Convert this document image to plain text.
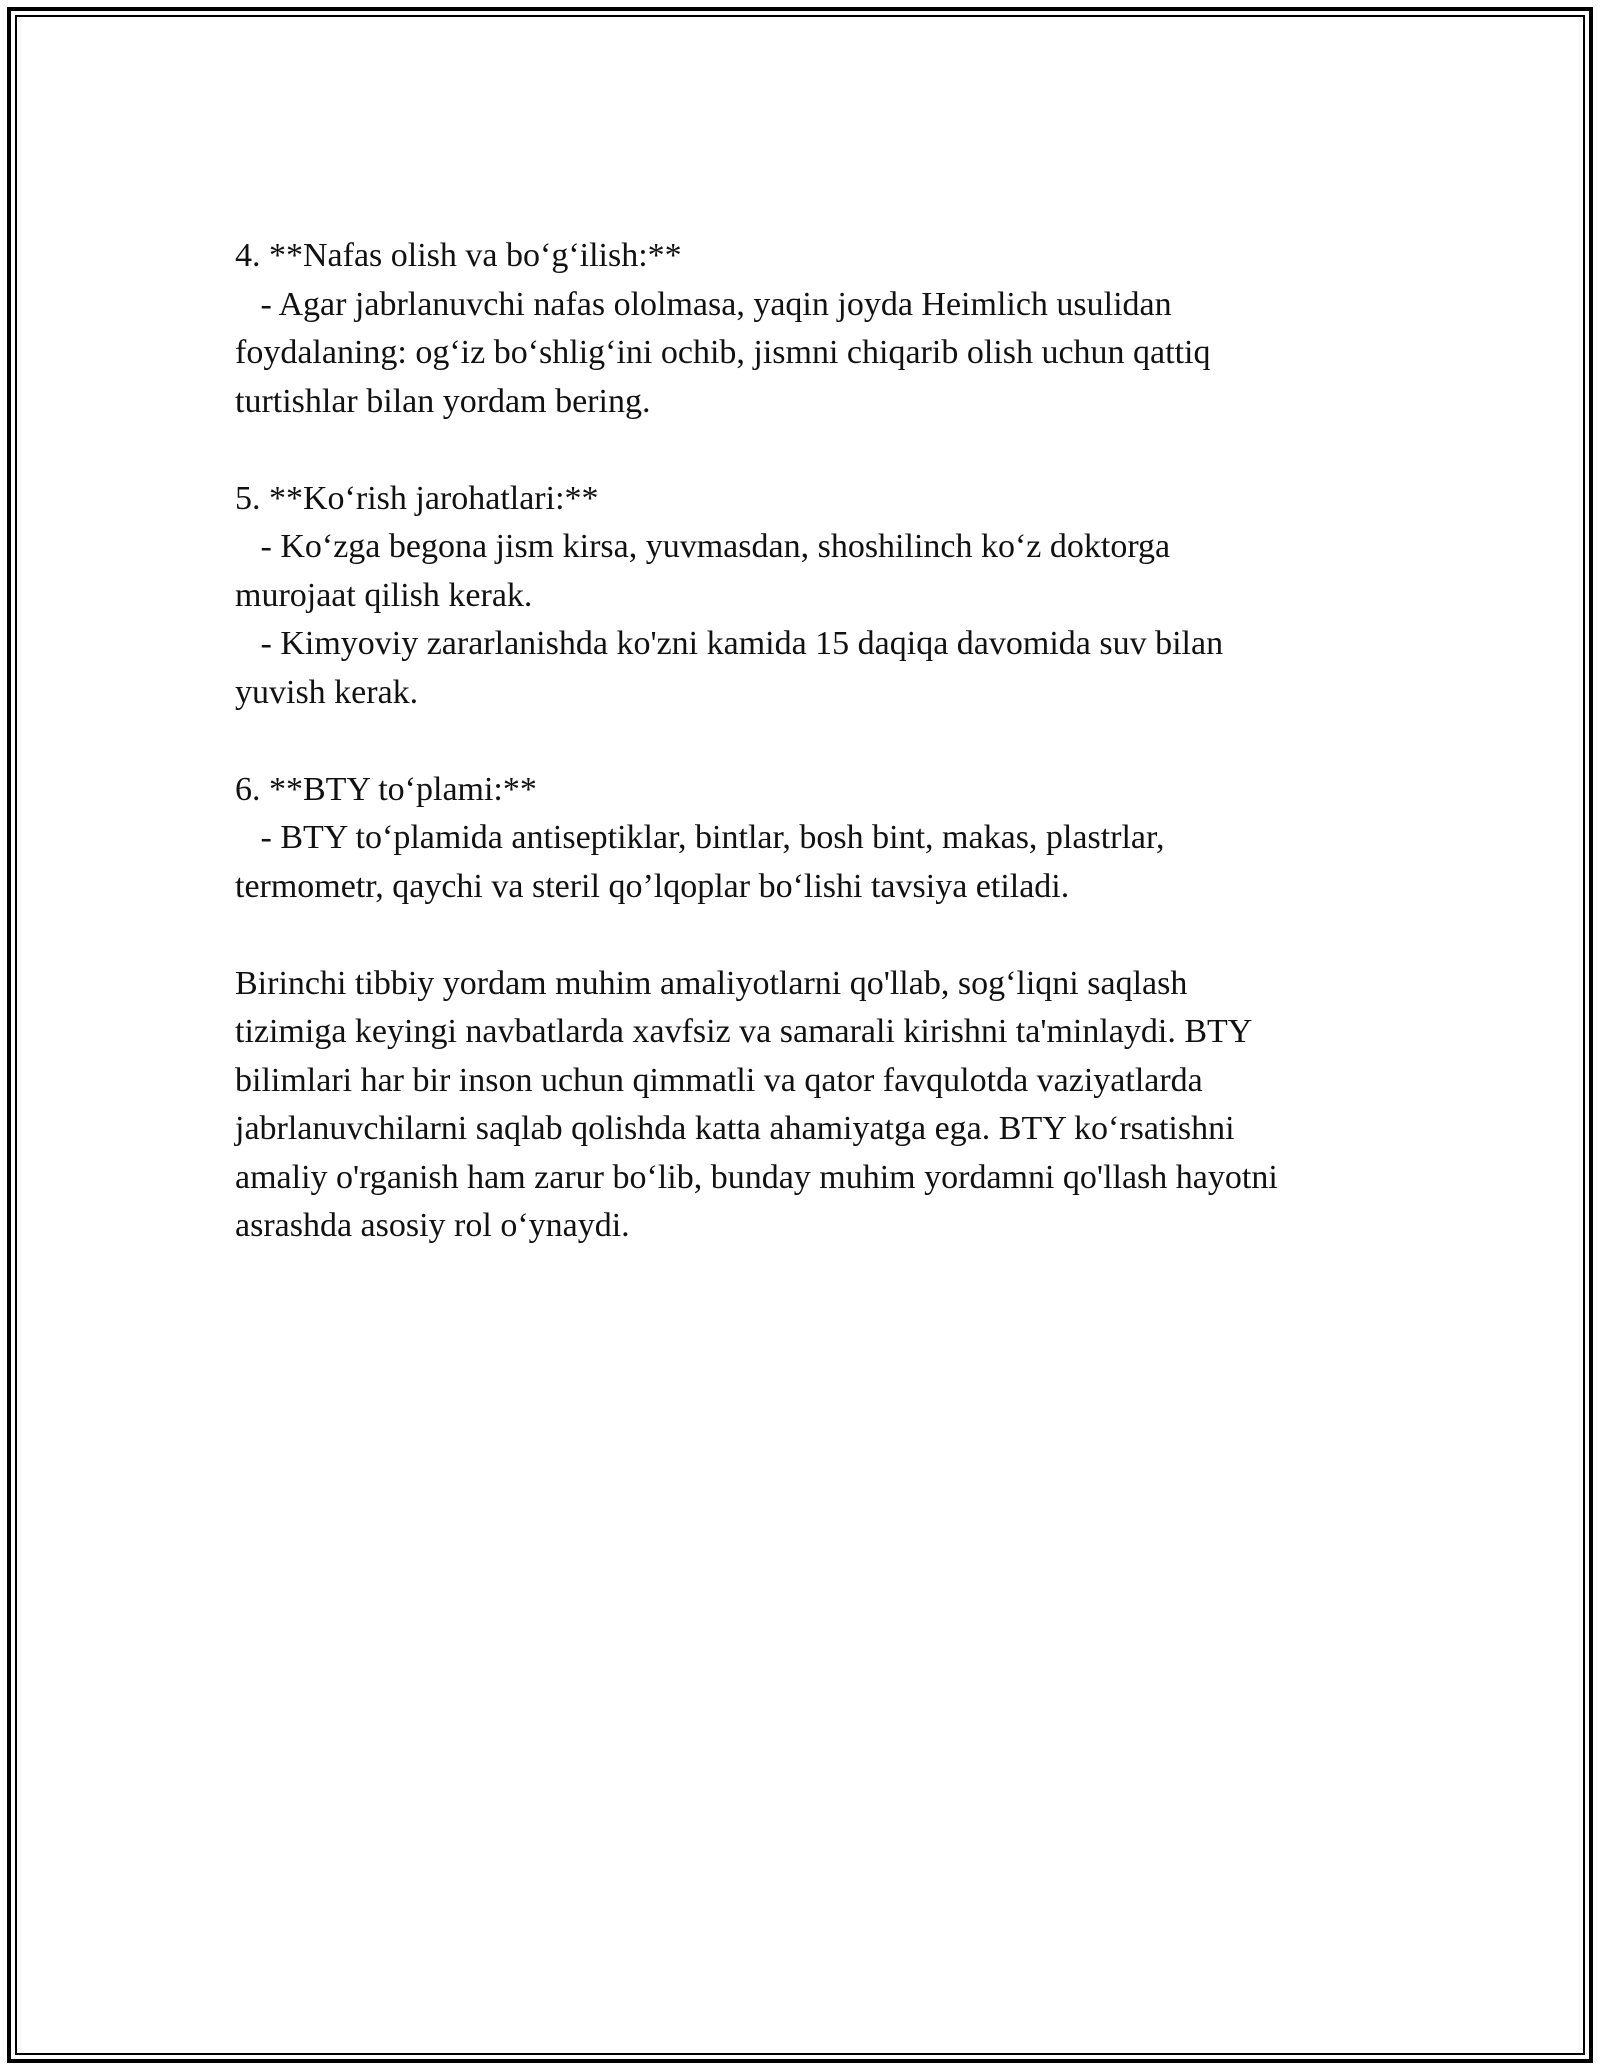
4. **Nafas olish va bo‘g‘ilish:**
- Agar jabrlanuvchi nafas ololmasa, yaqin joyda Heimlich usulidan
foydalaning: og‘iz bo‘shlig‘ini ochib, jismni chiqarib olish uchun qattiq
turtishlar bilan yordam bering.
5. **Ko‘rish jarohatlari:**
- Ko‘zga begona jism kirsa, yuvmasdan, shoshilinch ko‘z doktorga
murojaat qilish kerak.
- Kimyoviy zararlanishda ko'zni kamida 15 daqiqa davomida suv bilan
yuvish kerak.
6. **BTY to‘plami:**
- BTY to‘plamida antiseptiklar, bintlar, bosh bint, makas, plastrlar,
termometr, qaychi va steril qo’lqoplar bo‘lishi tavsiya etiladi.
Birinchi tibbiy yordam muhim amaliyotlarni qo'llab, sog‘liqni saqlash
tizimiga keyingi navbatlarda xavfsiz va samarali kirishni ta'minlaydi. BTY
bilimlari har bir inson uchun qimmatli va qator favqulotda vaziyatlarda
jabrlanuvchilarni saqlab qolishda katta ahamiyatga ega. BTY ko‘rsatishni
amaliy o'rganish ham zarur bo‘lib, bunday muhim yordamni qo'llash hayotni
asrashda asosiy rol o‘ynaydi.
